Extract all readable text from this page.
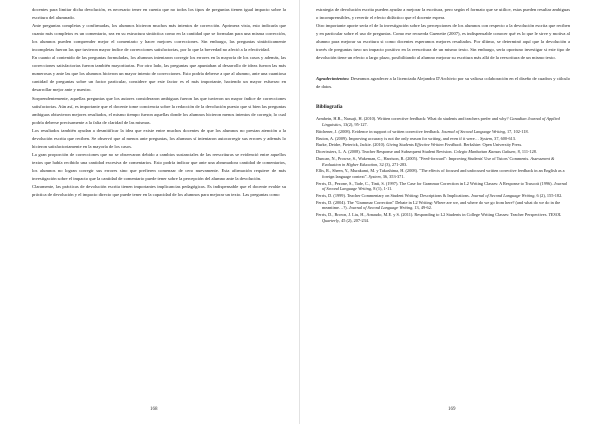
docentes para limitar dicha devolución, es necesario tener en cuenta que no todos los tipos de preguntas tienen igual impacto sobre la escritura del alumnado.

Ante preguntas completas y confirmadas, los alumnos hicieron muchos más intentos de corrección. Aprimera vista, esto indicaría que cuanto más completos es un comentario, sea en su estructura sintáctica como en la cantidad que se formulan para una misma corrección, los alumnos pueden comprender mejor el comentario y hacer mejores correcciones. Sin embargo, las preguntas sintácticamente incompletas fueron las que tuvieron mayor índice de correcciones satisfactorias, por lo que la brevedad no afectó a la efectividad.

En cuanto al contenido de las preguntas formuladas, los alumnos intentaron corregir los errores en la mayoría de los casos y además, las correcciones satisfactorias fueron también mayoritarias. Por otro lado, las preguntas que apuntaban al desarrollo de ideas fueron las más numerosas y ante las que los alumnos hicieron un mayor intento de correcciones. Esto podría deberse a que al alumno, ante una cuantiosa cantidad de preguntas sobre un factor particular, considere que este factor es el más importante, haciendo un mayor esfuerzo en desarrollar mejor ante y nuestro.

Sorprendentemente, aquellas preguntas que los autores consideraron ambiguas fueron las que tuvieron un mayor índice de correcciones satisfactorias. Aún así, es importante que el docente tome conciencia sobre la redacción de la devolución puesto que si bien las preguntas ambiguas obtuvieron mejores resultados, el mismo tiempo fueron aquellas donde los alumnos hicieron menos intentos de corregir, lo cual podría deberse precisamente a la falta de claridad de las mismas.

Los resultados también ayudan a desmitificar la idea que existe entre muchos docentes de que los alumnos no prestan atención a la devolución escrita que reciben. Se observó que al menos ante preguntas, los alumnos sí intentaron autocorregir sus errores y además lo hicieron satisfactoriamente en la mayoría de los casos.

La gran proporción de correcciones que no se observaron debido a cambios sustanciales de las reescrituras se evidenció entre aquellos textos que había recibido una cantidad excesiva de comentarios. Esto podría indicar que ante una abrumadora cantidad de comentarios, los alumnos no logran corregir sus errores sino que prefieren comenzar de cero nuevamente. Esta afirmación requiere de más investigación sobre el impacto que la cantidad de comentario puede tener sobre la percepción del alumno ante la devolución.

Claramente, las prácticas de devolución escrita tienen importantes implicancias pedagógicas. Es indispensable que el docente evalúe su práctica de devolución y el impacto directo que puede tener en la capacidad de los alumnos para mejorar un texto. Las preguntas como

168

estrategia de devolución escrita pueden ayudar a mejorar la escritura, pero según el formato que se utilice, estas pueden resultar ambiguas o incomprensibles, y revertir el efecto didáctico que el docente espera.

Otro importante aporte sería el de la investigación sobre las percepciones de los alumnos con respecto a la devolución escrita que reciben y en particular sobre el uso de preguntas. Como ese recuerda Guenette (2007), es indispensable conocer qué es lo que le sirve y motiva al alumno para mejorar su escritura si como docentes esperamos mejores resultados. Por último, se determinó aquí que la devolución a través de preguntas tuvo un impacto positivo en la reescritura de un mismo texto. Sin embargo, sería oportuno investigar si este tipo de devolución tiene un efecto a largo plazo, posibilitando al alumno mejorar su escritura más allá de la reescritura de un mismo texto.

Agradecimientos: Deseamos agradecer a la licenciada Alejandra D'Archivio por su valiosa colaboración en el diseño de cuadros y cálculo de datos.

Bibliografía

Armbein, H.R., Nassaji, H. (2010). Written corrective feedback: What do students and teachers prefer and why? Canadian Journal of Applied Linguistics, 13(2), 95-127.

Bitchener, J. (2008). Evidence in support of written corrective feedback. Journal of Second Language Writing, 17, 102-118.

Bruton, A. (2009). Improving accuracy is not the only reason for writing, and even if it were… System, 37, 600-613.

Burke, Deidre, Pieterick, Jackie. (2010). Giving Students Effective Written Feedback. Berkshire: Open University Press.

Dicerissiers, L. A. (2008). Teacher Response and Subsequent Student Revision. Colegio Manhattan Kansas Gakuen, 8, 111-128.

Duncan, N., Prowse, S., Wakeman, C., Harrison, R. (2005). "Feed-forward": Improving Students' Use of Tutors' Comments. Assessment & Evaluation in Higher Education, 32 (3), 271-283.

Ellis, R., Sheen, Y., Murakami, M. y Takashima, H. (2008). "The effects of focused and unfocused written corrective feedback in an English as a foreign language context". System, 36, 353-371.

Ferris, D., Pezone, S., Tade, C., Tinti, S. (1997). The Case for Grammar Correction in L2 Writing Classes: A Response to Truscott (1996). Journal of Second Language Writing, 8 (1), 1-11.

Ferris, D. (1999). Teacher Commentary on Student Writing: Descriptions & Implications. Journal of Second Language Writing, 6 (2), 155-182.

Ferris, D. (2004). The "Grammar Correction" Debate in L2 Writing: Where are we, and where do we go from here? (and what do we do in the meantime…?). Journal of Second Language Writing, 13, 49-62.

Ferris, D., Brown, J. Liu, H., Arnaudo, M.E. y S. (2011). Responding to L2 Students in College Writing Classes: Teacher Perspectives. TESOL Quarterly, 45 (2), 207-234.

169
